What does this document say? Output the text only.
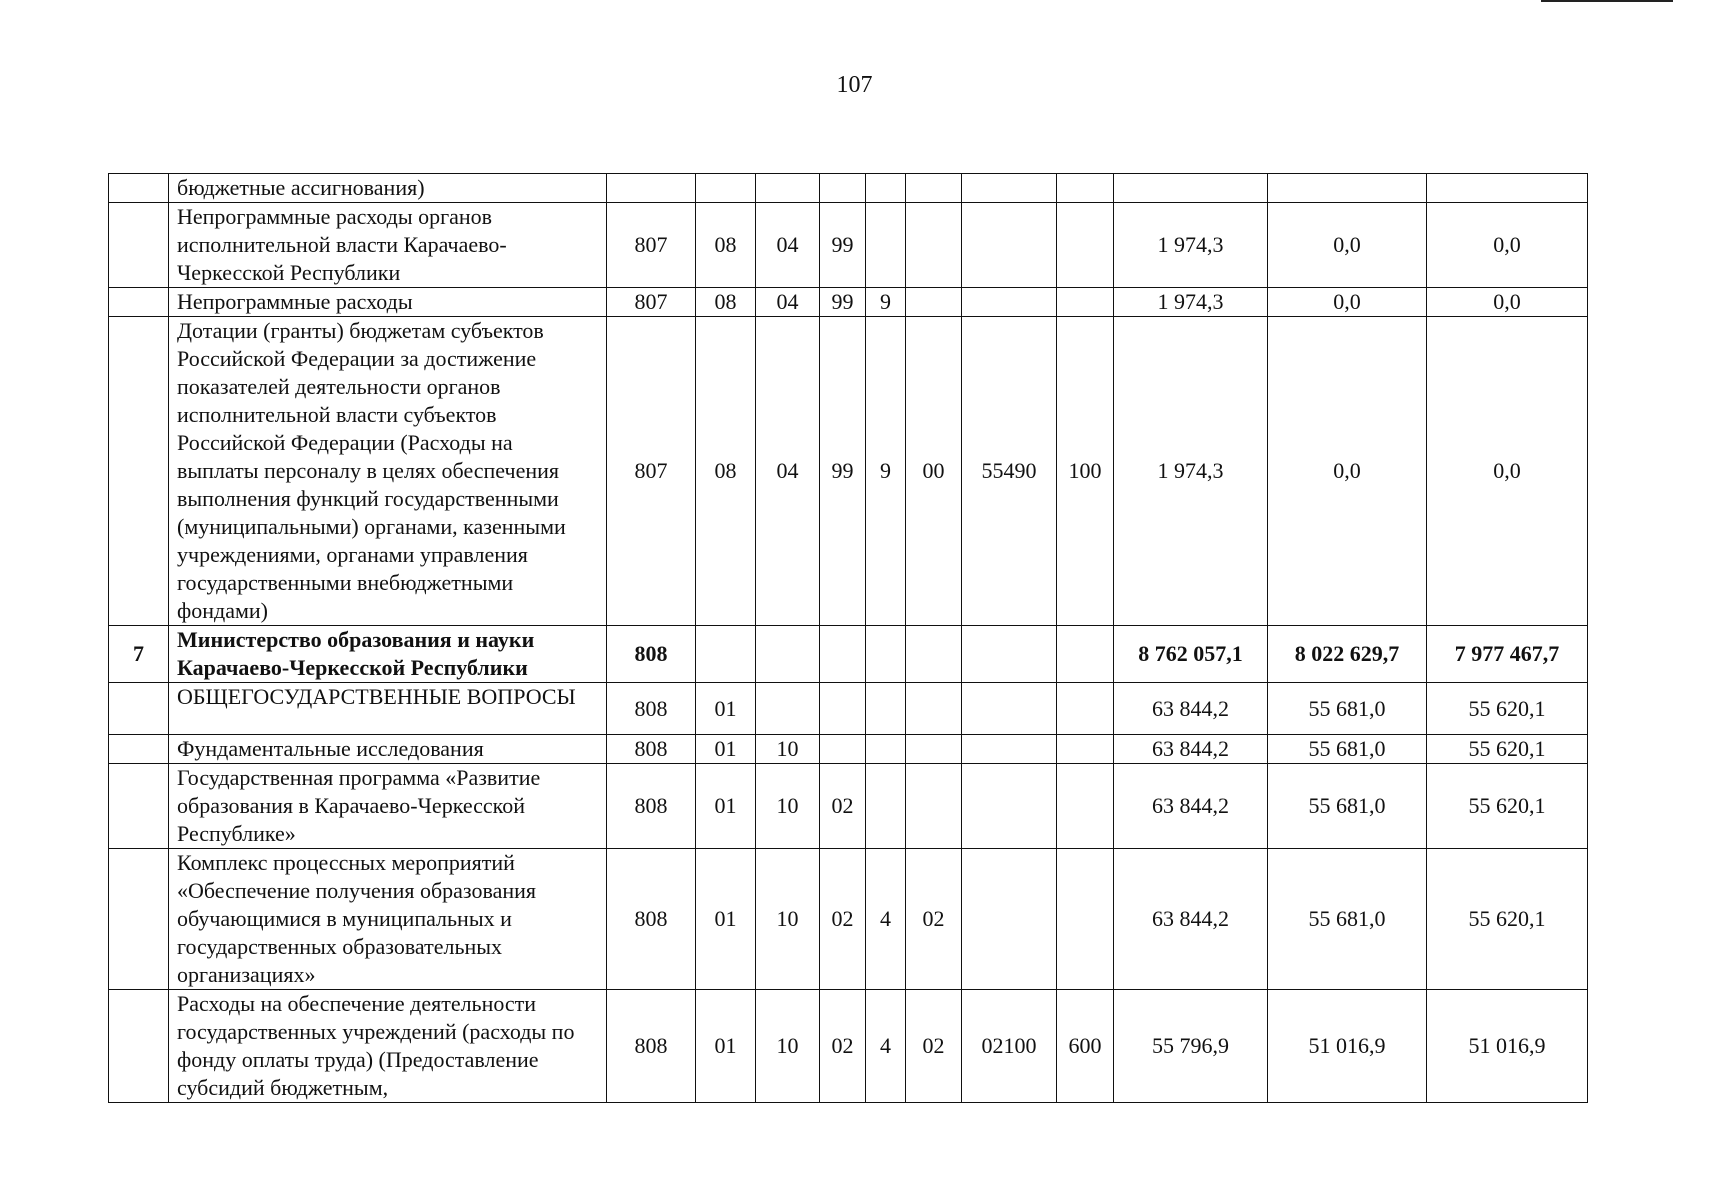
107
	бюджетные ассигнования)											
	Непрограммные расходы органов исполнительной власти Карачаево-Черкесской Республики	807	08	04	99					1 974,3	0,0	0,0
	Непрограммные расходы	807	08	04	99	9				1 974,3	0,0	0,0
	Дотации (гранты) бюджетам субъектов Российской Федерации за достижение показателей деятельности органов исполнительной власти субъектов Российской Федерации (Расходы на выплаты персоналу в целях обеспечения выполнения функций государственными (муниципальными) органами, казенными учреждениями, органами управления государственными внебюджетными фондами)	807	08	04	99	9	00	55490	100	1 974,3	0,0	0,0
7	Министерство образования и науки Карачаево-Черкесской Республики	808								8 762 057,1	8 022 629,7	7 977 467,7
	ОБЩЕГОСУДАРСТВЕННЫЕ ВОПРОСЫ	808	01							63 844,2	55 681,0	55 620,1
	Фундаментальные исследования	808	01	10						63 844,2	55 681,0	55 620,1
	Государственная программа «Развитие образования в Карачаево-Черкесской Республике»	808	01	10	02					63 844,2	55 681,0	55 620,1
	Комплекс процессных мероприятий «Обеспечение получения образования обучающимися в муниципальных и государственных образовательных организациях»	808	01	10	02	4	02			63 844,2	55 681,0	55 620,1
	Расходы на обеспечение деятельности государственных учреждений (расходы по фонду оплаты труда) (Предоставление субсидий бюджетным,	808	01	10	02	4	02	02100	600	55 796,9	51 016,9	51 016,9
